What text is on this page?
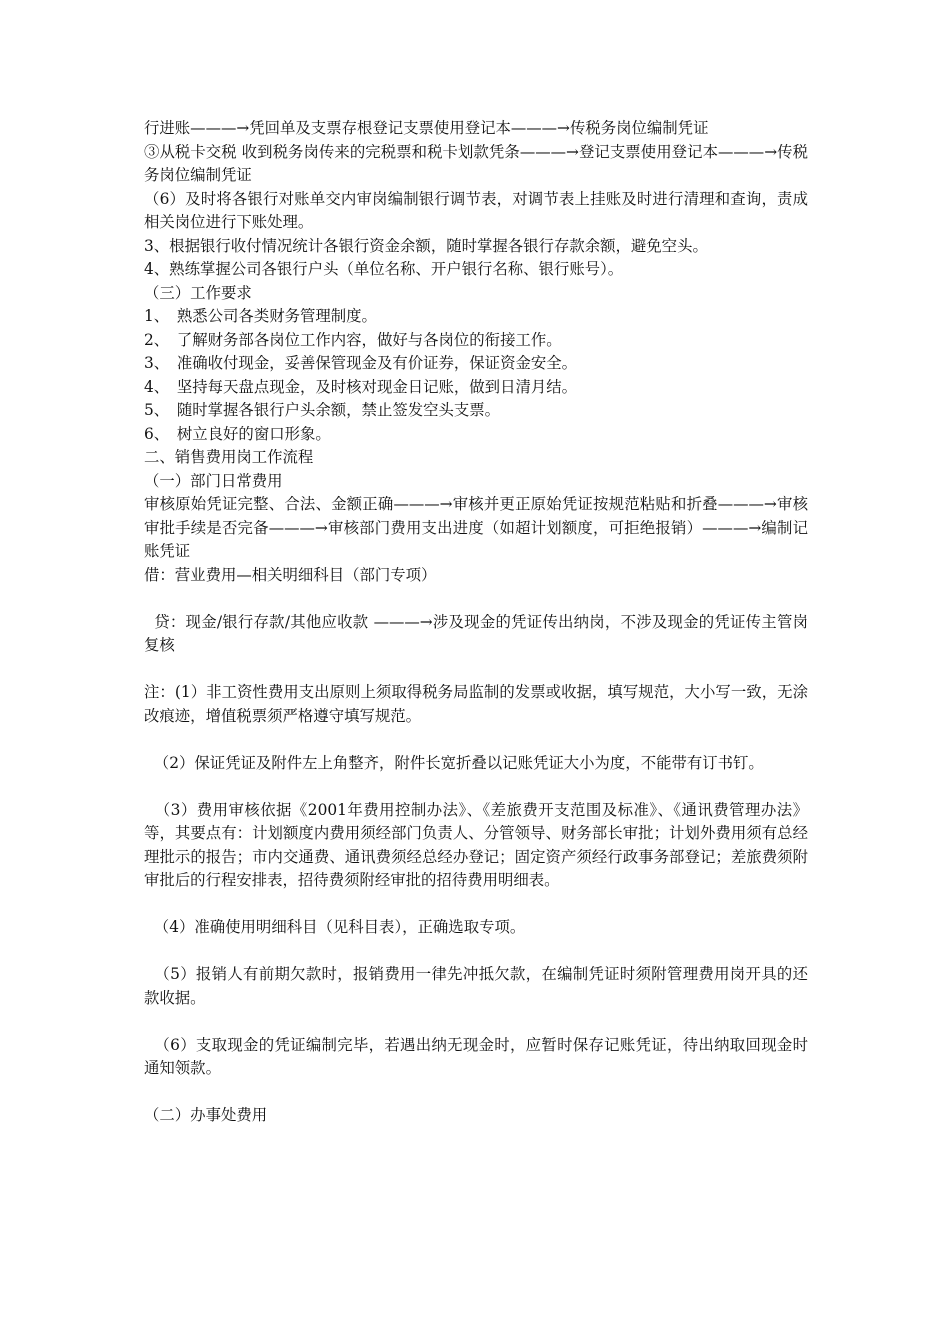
行进账———→凭回单及支票存根登记支票使用登记本———→传税务岗位编制凭证

③从税卡交税 收到税务岗传来的完税票和税卡划款凭条———→登记支票使用登记本———→传税务岗位编制凭证

（6）及时将各银行对账单交内审岗编制银行调节表，对调节表上挂账及时进行清理和查询，责成相关岗位进行下账处理。

3、根据银行收付情况统计各银行资金余额，随时掌握各银行存款余额，避免空头。

4、熟练掌握公司各银行户头（单位名称、开户银行名称、银行账号）。

（三）工作要求

1、　熟悉公司各类财务管理制度。

2、　了解财务部各岗位工作内容，做好与各岗位的衔接工作。

3、　准确收付现金，妥善保管现金及有价证券，保证资金安全。

4、　坚持每天盘点现金，及时核对现金日记账，做到日清月结。

5、　随时掌握各银行户头余额，禁止签发空头支票。

6、　树立良好的窗口形象。

二、销售费用岗工作流程

（一）部门日常费用

审核原始凭证完整、合法、金额正确———→审核并更正原始凭证按规范粘贴和折叠———→审核审批手续是否完备———→审核部门费用支出进度（如超计划额度，可拒绝报销）———→编制记账凭证

借：营业费用—相关明细科目（部门专项）

贷：现金/银行存款/其他应收款 ———→涉及现金的凭证传出纳岗，不涉及现金的凭证传主管岗复核

注：(1）非工资性费用支出原则上须取得税务局监制的发票或收据，填写规范，大小写一致，无涂改痕迹，增值税票须严格遵守填写规范。

（2）保证凭证及附件左上角整齐，附件长宽折叠以记账凭证大小为度，不能带有订书钉。

（3）费用审核依据《2001年费用控制办法》、《差旅费开支范围及标准》、《通讯费管理办法》等，其要点有：计划额度内费用须经部门负责人、分管领导、财务部长审批；计划外费用须有总经理批示的报告；市内交通费、通讯费须经总经办登记；固定资产须经行政事务部登记；差旅费须附审批后的行程安排表，招待费须附经审批的招待费用明细表。

（4）准确使用明细科目（见科目表），正确选取专项。

（5）报销人有前期欠款时，报销费用一律先冲抵欠款，在编制凭证时须附管理费用岗开具的还款收据。

（6）支取现金的凭证编制完毕，若遇出纳无现金时，应暂时保存记账凭证，待出纳取回现金时通知领款。

（二）办事处费用
